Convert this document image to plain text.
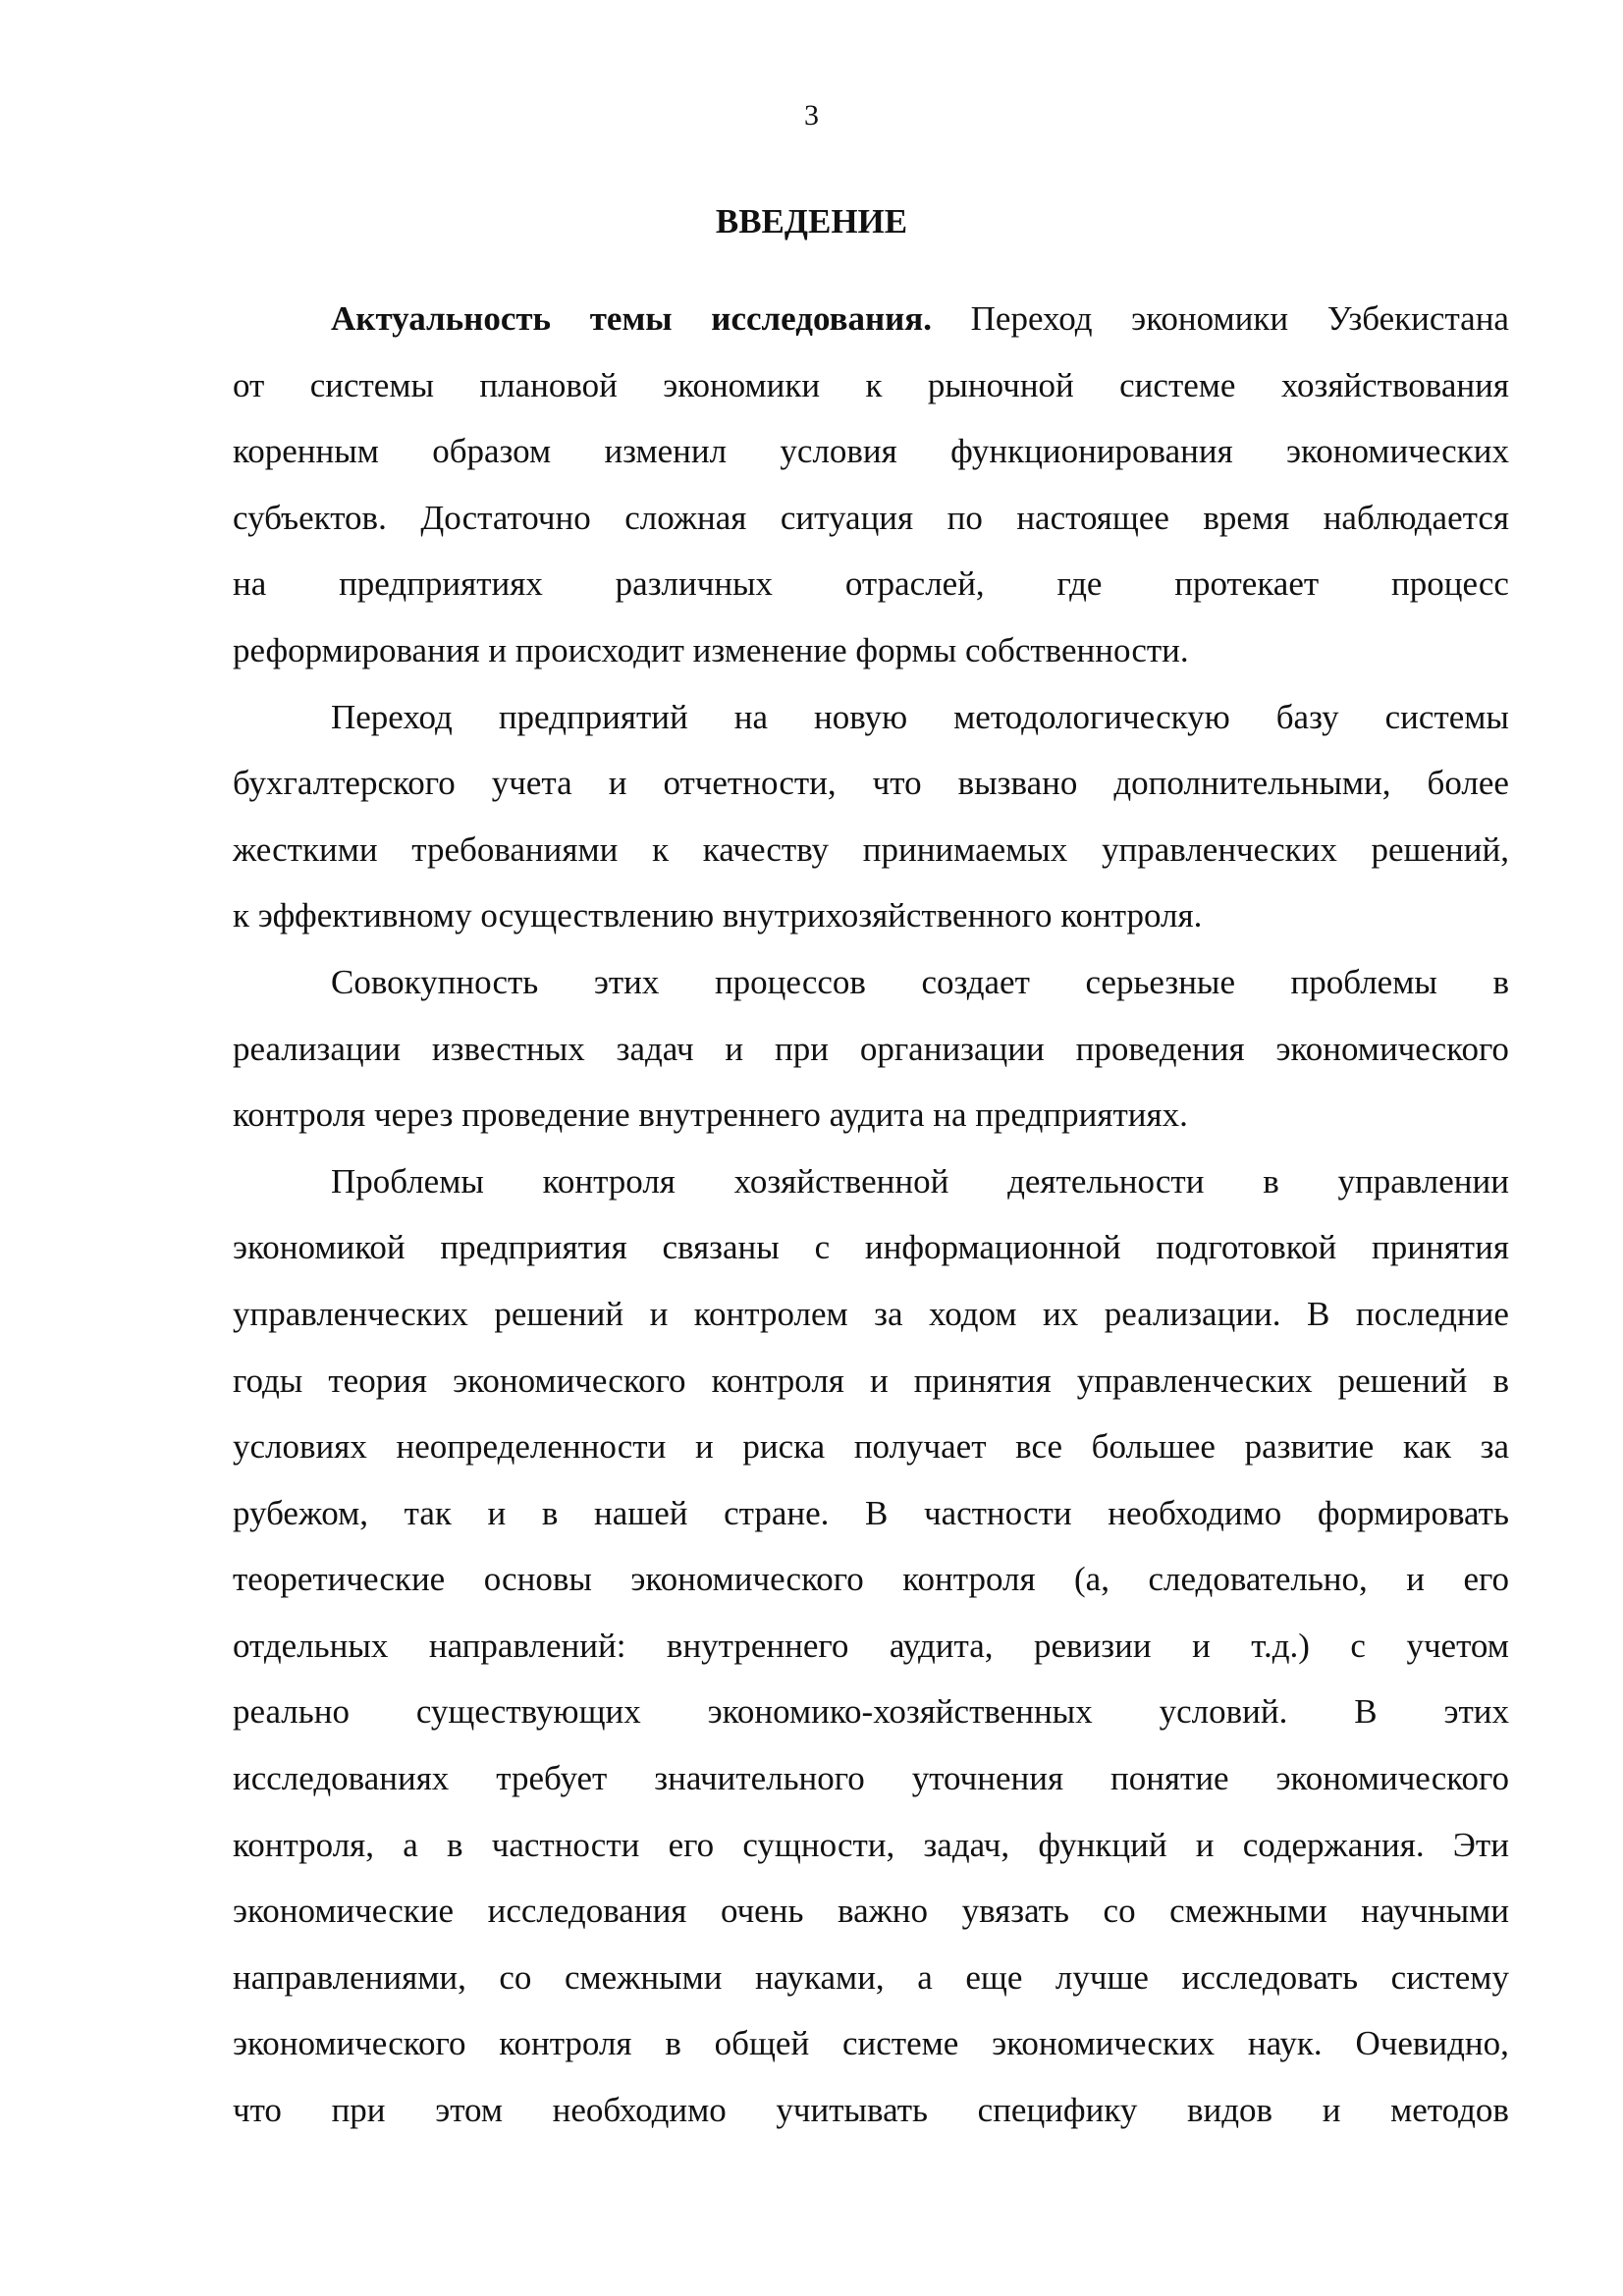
3
ВВЕДЕНИЕ
Актуальность темы исследования. Переход экономики Узбекистана
от системы плановой экономики к рыночной системе хозяйствования
коренным образом изменил условия функционирования экономических
субъектов. Достаточно сложная ситуация по настоящее время наблюдается
на предприятиях различных отраслей, где протекает процесс
реформирования и происходит изменение формы собственности.
Переход предприятий на новую методологическую базу системы
бухгалтерского учета и отчетности, что вызвано дополнительными, более
жесткими требованиями к качеству принимаемых управленческих решений,
к эффективному осуществлению внутрихозяйственного контроля.
Совокупность этих процессов создает серьезные проблемы в
реализации известных задач и при организации проведения экономического
контроля через проведение внутреннего аудита на предприятиях.
Проблемы контроля хозяйственной деятельности в управлении
экономикой предприятия связаны с информационной подготовкой принятия
управленческих решений и контролем за ходом их реализации. В последние
годы теория экономического контроля и принятия управленческих решений в
условиях неопределенности и риска получает все большее развитие как за
рубежом, так и в нашей стране. В частности необходимо формировать
теоретические основы экономического контроля (а, следовательно, и его
отдельных направлений: внутреннего аудита, ревизии и т.д.) с учетом
реально существующих экономико-хозяйственных условий. В этих
исследованиях требует значительного уточнения понятие экономического
контроля, а в частности его сущности, задач, функций и содержания. Эти
экономические исследования очень важно увязать со смежными научными
направлениями, со смежными науками, а еще лучше исследовать систему
экономического контроля в общей системе экономических наук. Очевидно,
что при этом необходимо учитывать специфику видов и методов
